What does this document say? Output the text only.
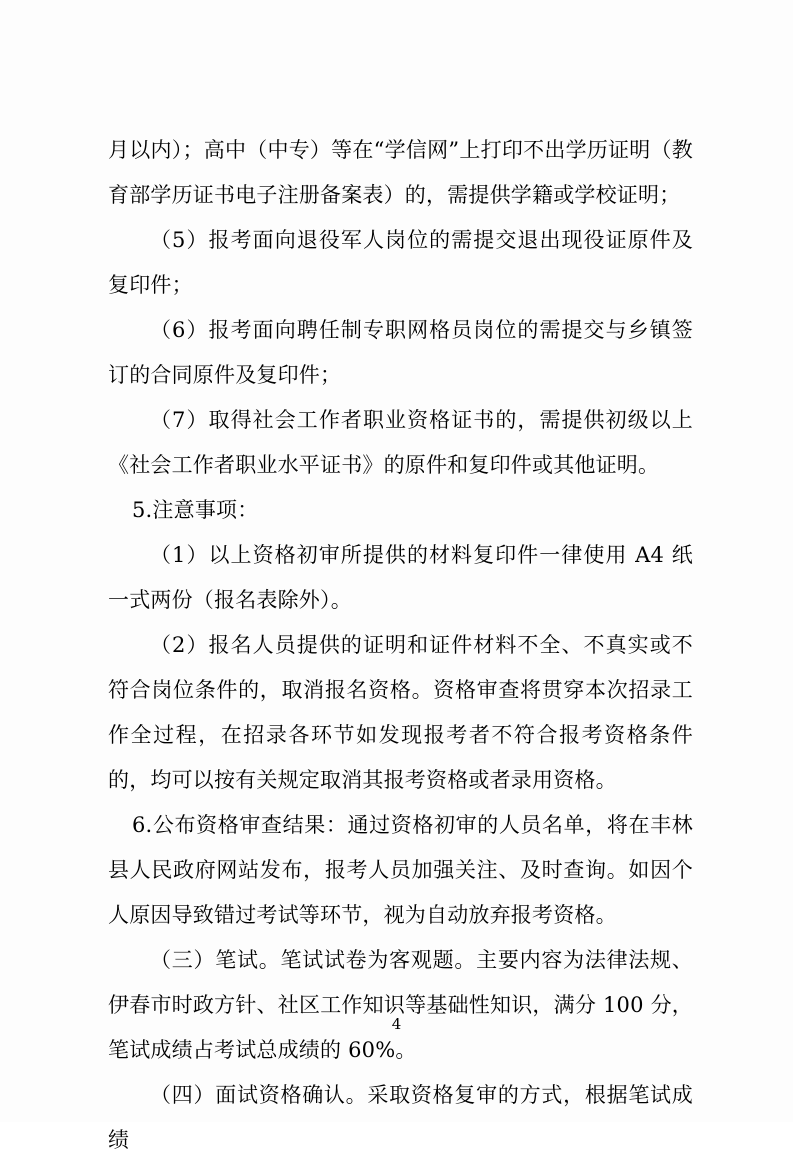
月以内）；高中（中专）等在“学信网”上打印不出学历证明（教育部学历证书电子注册备案表）的，需提供学籍或学校证明；

（5）报考面向退役军人岗位的需提交退出现役证原件及复印件；

（6）报考面向聘任制专职网格员岗位的需提交与乡镇签订的合同原件及复印件；

（7）取得社会工作者职业资格证书的，需提供初级以上《社会工作者职业水平证书》的原件和复印件或其他证明。

5.注意事项：

（1）以上资格初审所提供的材料复印件一律使用 A4 纸一式两份（报名表除外）。

（2）报名人员提供的证明和证件材料不全、不真实或不符合岗位条件的，取消报名资格。资格审查将贯穿本次招录工作全过程，在招录各环节如发现报考者不符合报考资格条件的，均可以按有关规定取消其报考资格或者录用资格。

6.公布资格审查结果：通过资格初审的人员名单，将在丰林县人民政府网站发布，报考人员加强关注、及时查询。如因个人原因导致错过考试等环节，视为自动放弃报考资格。

（三）笔试。笔试试卷为客观题。主要内容为法律法规、伊春市时政方针、社区工作知识等基础性知识，满分 100 分，笔试成绩占考试总成绩的 60%。

（四）面试资格确认。采取资格复审的方式，根据笔试成绩

4
